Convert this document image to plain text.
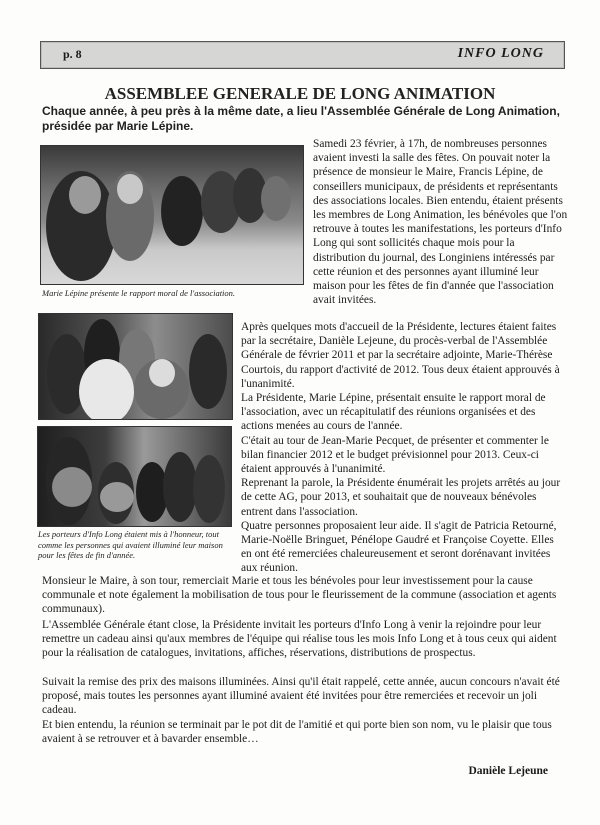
p. 8	INFO LONG
ASSEMBLEE GENERALE DE LONG ANIMATION
Chaque année, à peu près à la même date, a lieu l'Assemblée Générale de Long Animation, présidée par Marie Lépine.
Marie Lépine présente le rapport moral de l'association.
Les porteurs d'Info Long étaient mis à l'honneur, tout comme les personnes qui avaient illuminé leur maison pour les fêtes de fin d'année.

Samedi 23 février, à 17h, de nombreuses personnes avaient investi la salle des fêtes. On pouvait noter la présence de monsieur le Maire, Francis Lépine, de conseillers municipaux, de présidents et représentants des associations locales. Bien entendu, étaient présents les membres de Long Animation, les bénévoles que l'on retrouve à toutes les manifestations, les porteurs d'Info Long qui sont sollicités chaque mois pour la distribution du journal, des Longiniens intéressés par cette réunion et des personnes ayant illuminé leur maison pour les fêtes de fin d'année que l'association avait invitées.

Après quelques mots d'accueil de la Présidente, lectures étaient faites par la secrétaire, Danièle Lejeune, du procès-verbal de l'Assemblée Générale de février 2011 et par la secrétaire adjointe, Marie-Thérèse Courtois, du rapport d'activité de 2012. Tous deux étaient approuvés à l'unanimité.

La Présidente, Marie Lépine, présentait ensuite le rapport moral de l'association, avec un récapitulatif des réunions organisées et des actions menées au cours de l'année.

C'était au tour de Jean-Marie Pecquet, de présenter et commenter le bilan financier 2012 et le budget prévisionnel pour 2013. Ceux-ci étaient approuvés à l'unanimité.

Reprenant la parole, la Présidente énumérait les projets arrêtés au jour de cette AG, pour 2013, et souhaitait que de nouveaux bénévoles entrent dans l'association.

Quatre personnes proposaient leur aide. Il s'agit de Patricia Retourné, Marie-Noëlle Bringuet, Pénélope Gaudré et Françoise Coyette. Elles en ont été remerciées chaleureusement et seront dorénavant invitées aux réunion.

Monsieur le Maire, à son tour, remerciait Marie et tous les bénévoles pour leur investissement pour la cause communale et note également la mobilisation de tous pour le fleurissement de la commune (association et agents communaux).

L'Assemblée Générale étant close, la Présidente invitait les porteurs d'Info Long à venir la rejoindre pour leur remettre un cadeau ainsi qu'aux membres de l'équipe qui réalise tous les mois Info Long et à tous ceux qui aident pour la réalisation de catalogues, invitations, affiches, réservations, distributions de prospectus.

Suivait la remise des prix des maisons illuminées. Ainsi qu'il était rappelé, cette année, aucun concours n'avait été proposé, mais toutes les personnes ayant illuminé avaient été invitées pour être remerciées et recevoir un joli cadeau.

Et bien entendu, la réunion se terminait par le pot dit de l'amitié et qui porte bien son nom, vu le plaisir que tous avaient à se retrouver et à bavarder ensemble…

Danièle Lejeune
